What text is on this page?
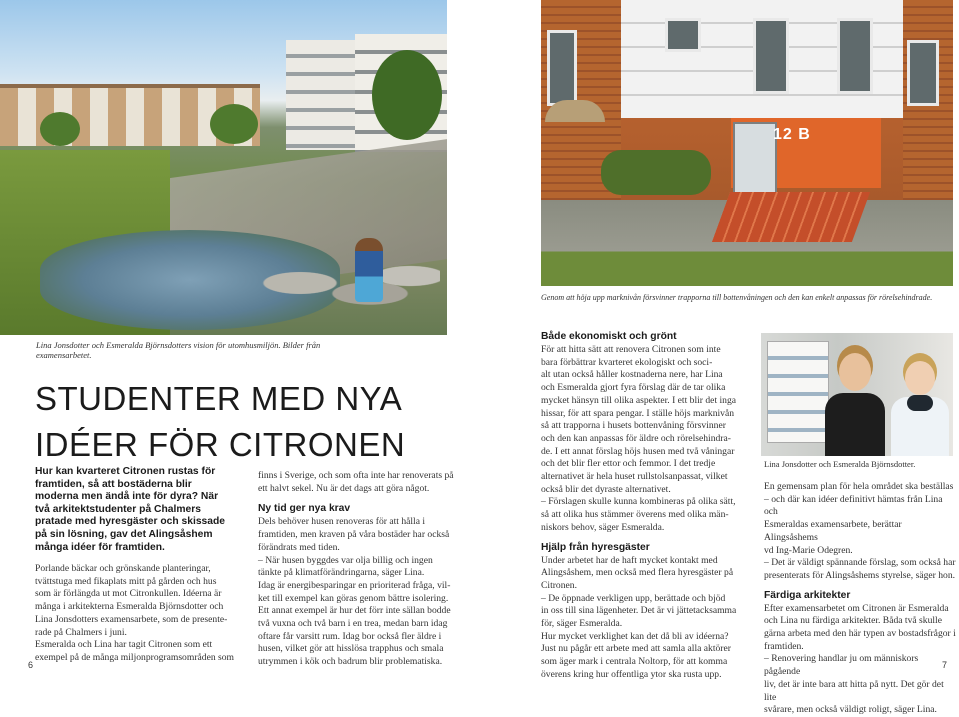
Lina Jonsdotter och Esmeralda Björnsdotters vision för utomhusmiljön. Bilder från examensarbetet.
STUDENTER MED NYA
IDÉER FÖR CITRONEN

Hur kan kvarteret Citronen rustas för framtiden, så att bostäderna blir moderna men ändå inte för dyra? När två arkitektstudenter på Chalmers pratade med hyresgäster och skissade på sin lösning, gav det Alingsåshem många idéer för framtiden.

Porlande bäckar och grönskande planteringar,
tvättstuga med fikaplats mitt på gården och hus
som är förlängda ut mot Citronkullen. Idéerna är
många i arkitekterna Esmeralda Björnsdotter och
Lina Jonsdotters examensarbete, som de presente-
rade på Chalmers i juni.
Esmeralda och Lina har tagit Citronen som ett
exempel på de många miljonprogramsområden som
finns i Sverige, och som ofta inte har renoverats på
ett halvt sekel. Nu är det dags att göra något.
Ny tid ger nya krav
Dels behöver husen renoveras för att hålla i
framtiden, men kraven på våra bostäder har också
förändrats med tiden.
– När husen byggdes var olja billig och ingen
tänkte på klimatförändringarna, säger Lina.
Idag är energibesparingar en prioriterad fråga, vil-
ket till exempel kan göras genom bättre isolering.
Ett annat exempel är hur det förr inte sällan bodde
två vuxna och två barn i en trea, medan barn idag
oftare får varsitt rum. Idag bor också fler äldre i
husen, vilket gör att hisslösa trapphus och smala
utrymmen i kök och badrum blir problematiska.
6
12 B
Genom att höja upp marknivån försvinner trapporna till bottenvåningen och den kan enkelt anpassas för rörelsehindrade.
Både ekonomiskt och grönt
För att hitta sätt att renovera Citronen som inte
bara förbättrar kvarteret ekologiskt och soci-
alt utan också håller kostnaderna nere, har Lina
och Esmeralda gjort fyra förslag där de tar olika
mycket hänsyn till olika aspekter. I ett blir det inga
hissar, för att spara pengar. I ställe höjs marknivån
så att trapporna i husets bottenvåning försvinner
och den kan anpassas för äldre och rörelsehindra-
de. I ett annat förslag höjs husen med två våningar
och det blir fler ettor och femmor. I det tredje
alternativet är hela huset rullstolsanpassat, vilket
också blir det dyraste alternativet.
– Förslagen skulle kunna kombineras på olika sätt,
så att olika hus stämmer överens med olika män-
niskors behov, säger Esmeralda.
Hjälp från hyresgäster
Under arbetet har de haft mycket kontakt med
Alingsåshem, men också med flera hyresgäster på
Citronen.
– De öppnade verkligen upp, berättade och bjöd
in oss till sina lägenheter. Det är vi jättetacksamma
för, säger Esmeralda.
Hur mycket verklighet kan det då bli av idéerna?
Just nu pågår ett arbete med att samla alla aktörer
som äger mark i centrala Noltorp, för att komma
överens kring hur offentliga ytor ska rusta upp.
Lina Jonsdotter och Esmeralda Björnsdotter.
En gemensam plan för hela området ska beställas
– och där kan idéer definitivt hämtas från Lina och
Esmeraldas examensarbete, berättar Alingsåshems
vd Ing-Marie Odegren.
– Det är väldigt spännande förslag, som också har
presenterats för Alingsåshems styrelse, säger hon.
Färdiga arkitekter
Efter examensarbetet om Citronen är Esmeralda
och Lina nu färdiga arkitekter. Båda två skulle
gärna arbeta med den här typen av bostadsfrågor i
framtiden.
– Renovering handlar ju om människors pågående
liv, det är inte bara att hitta på nytt. Det gör det lite
svårare, men också väldigt roligt, säger Lina.
7
